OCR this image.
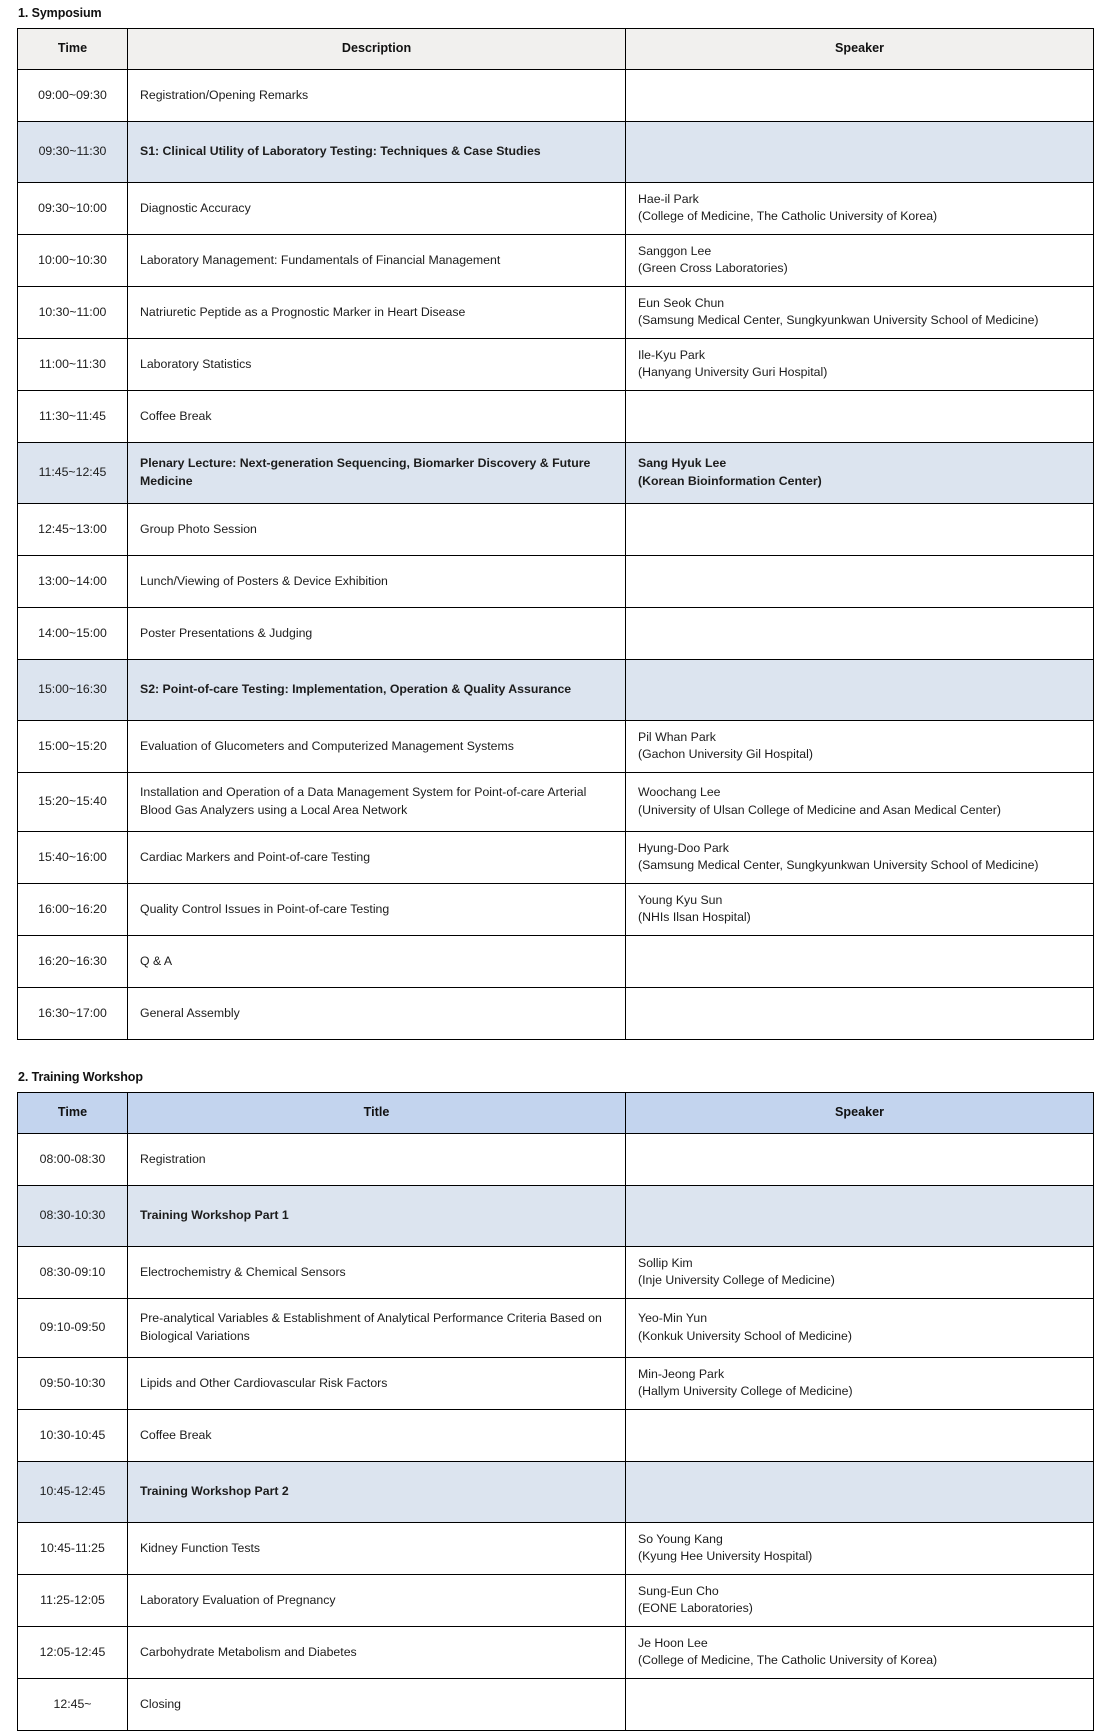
1. Symposium
Time	Description	Speaker
09:00~09:30	Registration/Opening Remarks	

09:30~11:30	S1: Clinical Utility of Laboratory Testing: Techniques & Case Studies	

09:30~10:00	Diagnostic Accuracy	Hae-il Park
(College of Medicine, The Catholic University of Korea)

10:00~10:30	Laboratory Management: Fundamentals of Financial Management	Sanggon Lee
(Green Cross Laboratories)

10:30~11:00	Natriuretic Peptide as a Prognostic Marker in Heart Disease	Eun Seok Chun
(Samsung Medical Center, Sungkyunkwan University School of Medicine)

11:00~11:30	Laboratory Statistics	Ile-Kyu Park
(Hanyang University Guri Hospital)

11:30~11:45	Coffee Break	

11:45~12:45	Plenary Lecture: Next-generation Sequencing, Biomarker Discovery & Future Medicine	Sang Hyuk Lee
(Korean Bioinformation Center)

12:45~13:00	Group Photo Session	

13:00~14:00	Lunch/Viewing of Posters & Device Exhibition	

14:00~15:00	Poster Presentations & Judging	

15:00~16:30	S2: Point-of-care Testing: Implementation, Operation & Quality Assurance	

15:00~15:20	Evaluation of Glucometers and Computerized Management Systems	Pil Whan Park
(Gachon University Gil Hospital)

15:20~15:40	Installation and Operation of a Data Management System for Point-of-care Arterial Blood Gas Analyzers using a Local Area Network	Woochang Lee
(University of Ulsan College of Medicine and Asan Medical Center)

15:40~16:00	Cardiac Markers and Point-of-care Testing	Hyung-Doo Park
(Samsung Medical Center, Sungkyunkwan University School of Medicine)

16:00~16:20	Quality Control Issues in Point-of-care Testing	Young Kyu Sun
(NHIs Ilsan Hospital)

16:20~16:30	Q & A	

16:30~17:00	General Assembly	
2. Training Workshop
Time	Title	Speaker
08:00-08:30	Registration	

08:30-10:30	Training Workshop Part 1	

08:30-09:10	Electrochemistry & Chemical Sensors	Sollip Kim
(Inje University College of Medicine)

09:10-09:50	Pre-analytical Variables & Establishment of Analytical Performance Criteria Based on Biological Variations	Yeo-Min Yun
(Konkuk University School of Medicine)

09:50-10:30	Lipids and Other Cardiovascular Risk Factors	Min-Jeong Park
(Hallym University College of Medicine)

10:30-10:45	Coffee Break	

10:45-12:45	Training Workshop Part 2	

10:45-11:25	Kidney Function Tests	So Young Kang
(Kyung Hee University Hospital)

11:25-12:05	Laboratory Evaluation of Pregnancy	Sung-Eun Cho
(EONE Laboratories)

12:05-12:45	Carbohydrate Metabolism and Diabetes	Je Hoon Lee
(College of Medicine, The Catholic University of Korea)

12:45~	Closing	
